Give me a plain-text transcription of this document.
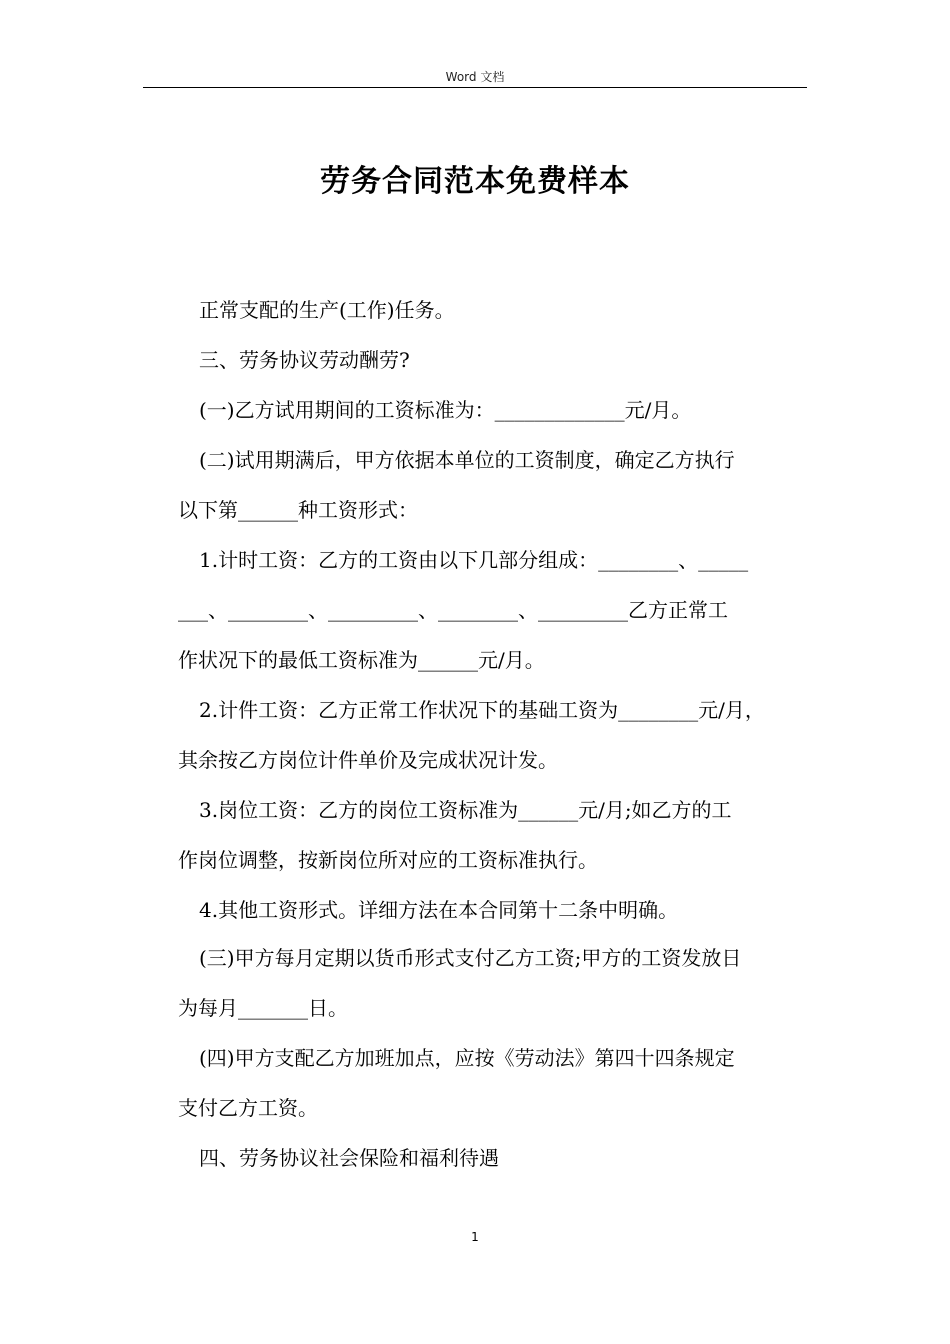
Word 文档
劳务合同范本免费样本
正常支配的生产(工作)任务。
三、劳务协议劳动酬劳?
(一)乙方试用期间的工资标准为：_____________元/月。
(二)试用期满后，甲方依据本单位的工资制度，确定乙方执行
以下第______种工资形式：
1.计时工资：乙方的工资由以下几部分组成：________、_____
___、________、_________、________、_________乙方正常工
作状况下的最低工资标准为______元/月。
2.计件工资：乙方正常工作状况下的基础工资为________元/月，
其余按乙方岗位计件单价及完成状况计发。
3.岗位工资：乙方的岗位工资标准为______元/月;如乙方的工
作岗位调整，按新岗位所对应的工资标准执行。
4.其他工资形式。详细方法在本合同第十二条中明确。
(三)甲方每月定期以货币形式支付乙方工资;甲方的工资发放日
为每月_______日。
(四)甲方支配乙方加班加点，应按《劳动法》第四十四条规定
支付乙方工资。
四、劳务协议社会保险和福利待遇
1
